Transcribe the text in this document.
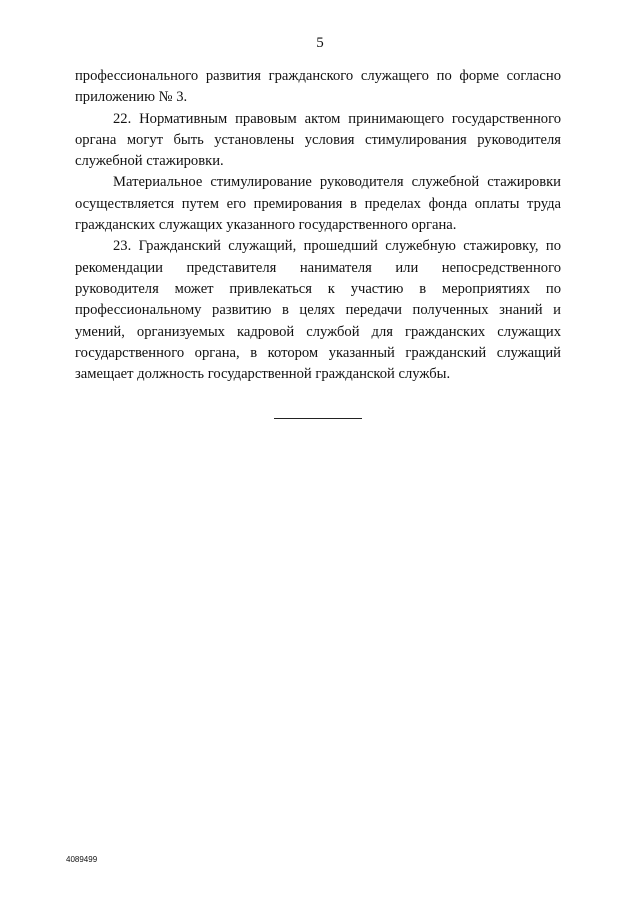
5

профессионального развития гражданского служащего по форме согласно приложению № 3.

22. Нормативным правовым актом принимающего государственного органа могут быть установлены условия стимулирования руководителя служебной стажировки.

Материальное стимулирование руководителя служебной стажировки осуществляется путем его премирования в пределах фонда оплаты труда гражданских служащих указанного государственного органа.

23. Гражданский служащий, прошедший служебную стажировку, по рекомендации представителя нанимателя или непосредственного руководителя может привлекаться к участию в мероприятиях по профессиональному развитию в целях передачи полученных знаний и умений, организуемых кадровой службой для гражданских служащих государственного органа, в котором указанный гражданский служащий замещает должность государственной гражданской службы.

4089499
